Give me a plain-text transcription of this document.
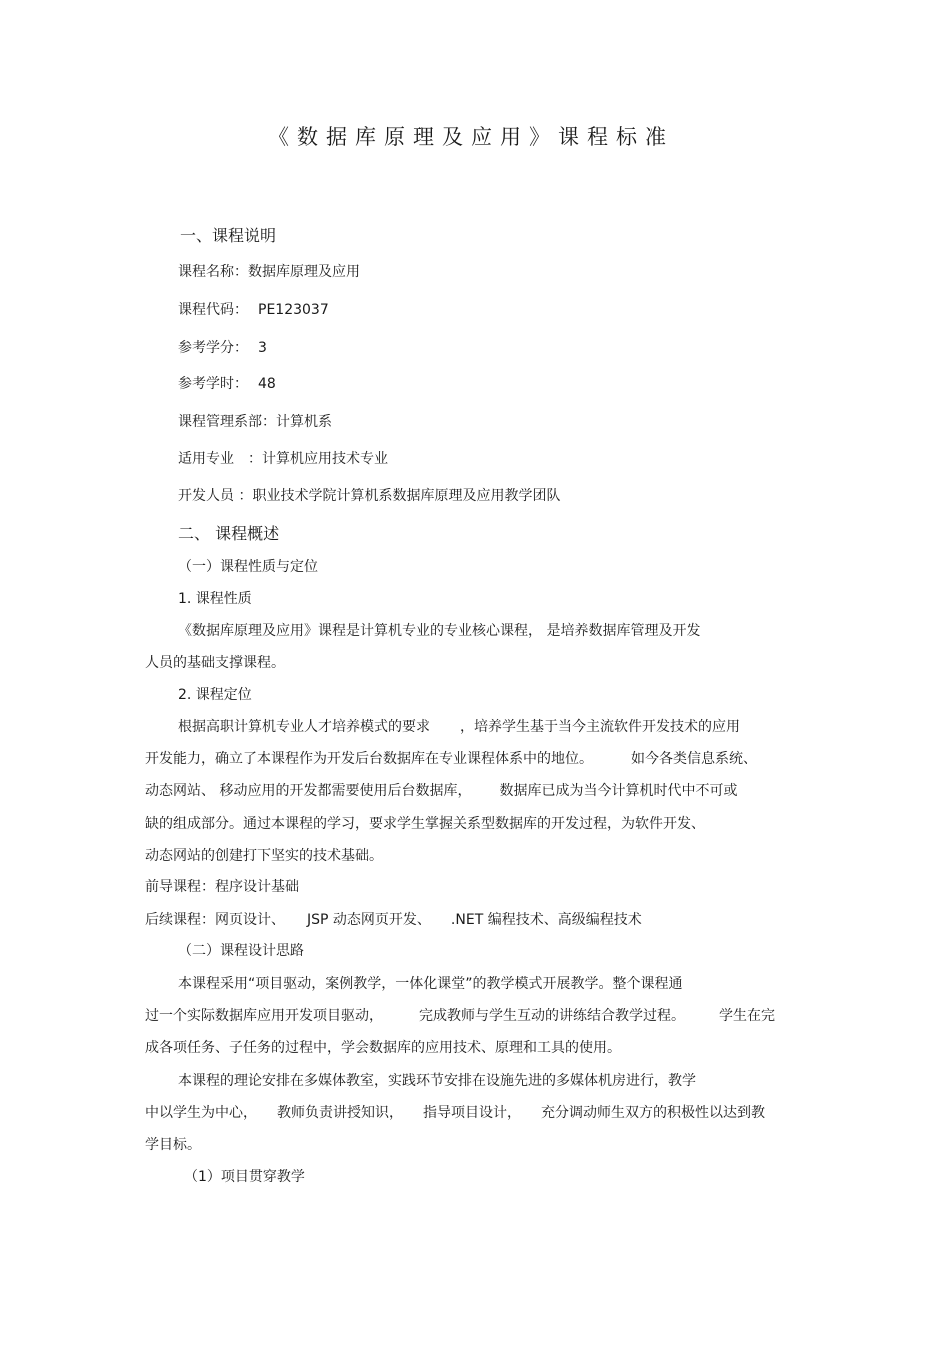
《数据库原理及应用》课程标准
一、课程说明
课程名称：数据库原理及应用
课程代码： PE123037
参考学分： 3
参考学时： 48
课程管理系部：计算机系
适用专业 ：计算机应用技术专业
开发人员 ：职业技术学院计算机系数据库原理及应用教学团队
二、 课程概述
（一）课程性质与定位
1. 课程性质
《数据库原理及应用》课程是计算机专业的专业核心课程， 是培养数据库管理及开发
人员的基础支撑课程。
2. 课程定位
根据高职计算机专业人才培养模式的要求 ，培养学生基于当今主流软件开发技术的应用
开发能力，确立了本课程作为开发后台数据库在专业课程体系中的地位。	如今各类信息系统、
动态网站、 移动应用的开发都需要使用后台数据库， 数据库已成为当今计算机时代中不可或
缺的组成部分。通过本课程的学习，要求学生掌握关系型数据库的开发过程，为软件开发、
动态网站的创建打下坚实的技术基础。
前导课程：程序设计基础
后续课程：网页设计、 JSP 动态网页开发、 .NET 编程技术、高级编程技术
（二）课程设计思路
本课程采用“项目驱动，案例教学，一体化课堂”的教学模式开展教学。整个课程通
过一个实际数据库应用开发项目驱动，	完成教师与学生互动的讲练结合教学过程。 学生在完
成各项任务、子任务的过程中，学会数据库的应用技术、原理和工具的使用。
本课程的理论安排在多媒体教室，实践环节安排在设施先进的多媒体机房进行，教学
中以学生为中心， 教师负责讲授知识， 指导项目设计， 充分调动师生双方的积极性以达到教
学目标。
（1）项目贯穿教学
